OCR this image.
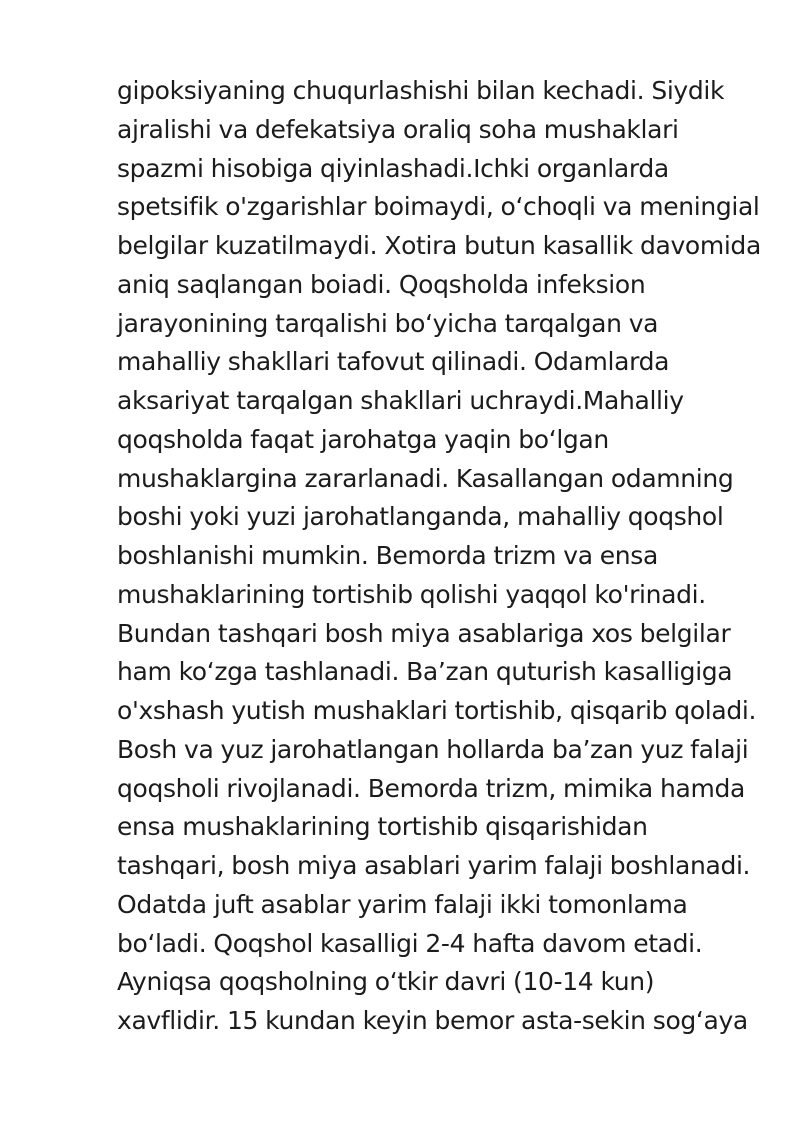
gipoksiyaning chuqurlashishi bilan kechadi. Siydik
ajralishi va defekatsiya oraliq soha mushaklari
spazmi hisobiga qiyinlashadi.Ichki organlarda
spetsifik o'zgarishlar boimaydi, o‘choqli va meningial
belgilar kuzatilmaydi. Xotira butun kasallik davomida
aniq saqlangan boiadi. Qoqsholda infeksion
jarayonining tarqalishi bo‘yicha tarqalgan va
mahalliy shakllari tafovut qilinadi. Odamlarda
aksariyat tarqalgan shakllari uchraydi.Mahalliy
qoqsholda faqat jarohatga yaqin bo‘lgan
mushaklargina zararlanadi. Kasallangan odamning
boshi yoki yuzi jarohatlanganda, mahalliy qoqshol
boshlanishi mumkin. Bemorda trizm va ensa
mushaklarining tortishib qolishi yaqqol ko'rinadi.
Bundan tashqari bosh miya asablariga xos belgilar
ham ko‘zga tashlanadi. Ba’zan quturish kasalligiga
o'xshash yutish mushaklari tortishib, qisqarib qoladi.
Bosh va yuz jarohatlangan hollarda ba’zan yuz falaji
qoqsholi rivojlanadi. Bemorda trizm, mimika hamda
ensa mushaklarining tortishib qisqarishidan
tashqari, bosh miya asablari yarim falaji boshlanadi.
Odatda juft asablar yarim falaji ikki tomonlama
bo‘ladi. Qoqshol kasalligi 2-4 hafta davom etadi.
Ayniqsa qoqsholning o‘tkir davri (10-14 kun)
xavflidir. 15 kundan keyin bemor asta-sekin sog‘aya
